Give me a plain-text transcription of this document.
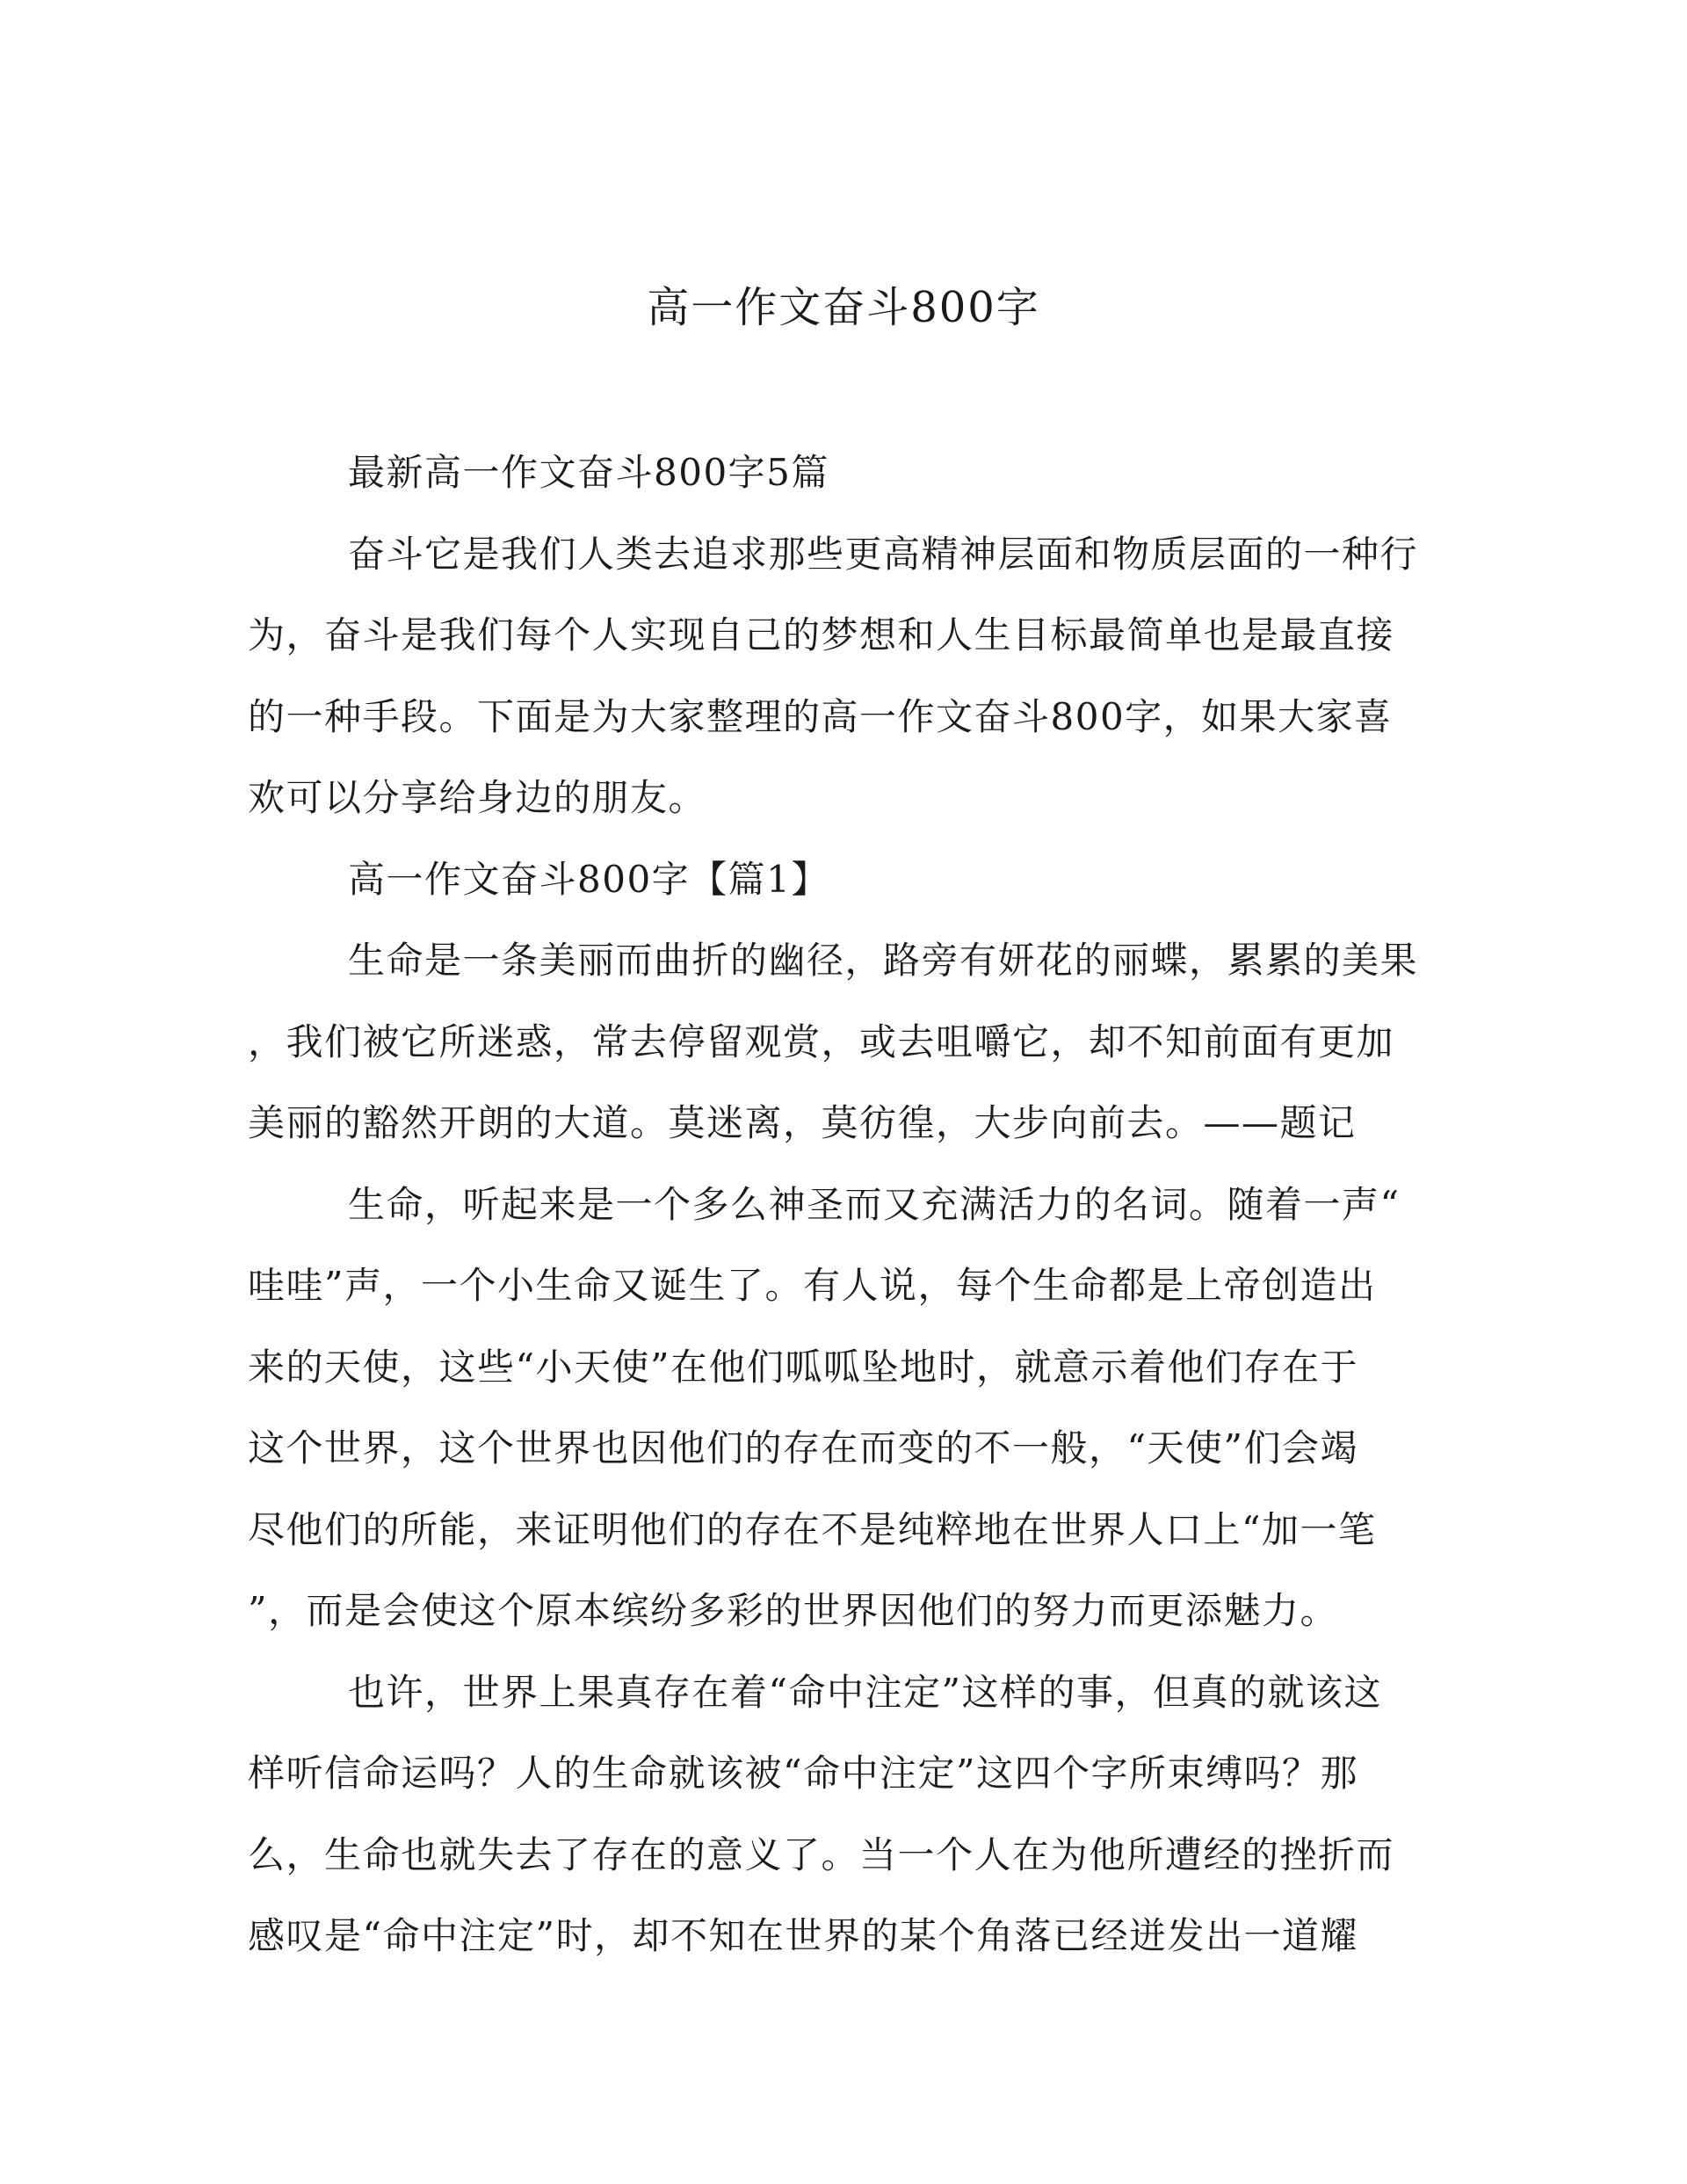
高一作文奋斗800字
最新高一作文奋斗800字5篇
奋斗它是我们人类去追求那些更高精神层面和物质层面的一种行
为，奋斗是我们每个人实现自己的梦想和人生目标最简单也是最直接
的一种手段。下面是为大家整理的高一作文奋斗800字，如果大家喜
欢可以分享给身边的朋友。
高一作文奋斗800字【篇1】
生命是一条美丽而曲折的幽径，路旁有妍花的丽蝶，累累的美果
，我们被它所迷惑，常去停留观赏，或去咀嚼它，却不知前面有更加
美丽的豁然开朗的大道。莫迷离，莫彷徨，大步向前去。——题记
生命，听起来是一个多么神圣而又充满活力的名词。随着一声“
哇哇”声，一个小生命又诞生了。有人说，每个生命都是上帝创造出
来的天使，这些“小天使”在他们呱呱坠地时，就意示着他们存在于
这个世界，这个世界也因他们的存在而变的不一般，“天使”们会竭
尽他们的所能，来证明他们的存在不是纯粹地在世界人口上“加一笔
”，而是会使这个原本缤纷多彩的世界因他们的努力而更添魅力。
也许，世界上果真存在着“命中注定”这样的事，但真的就该这
样听信命运吗？人的生命就该被“命中注定”这四个字所束缚吗？那
么，生命也就失去了存在的意义了。当一个人在为他所遭经的挫折而
感叹是“命中注定”时，却不知在世界的某个角落已经迸发出一道耀
